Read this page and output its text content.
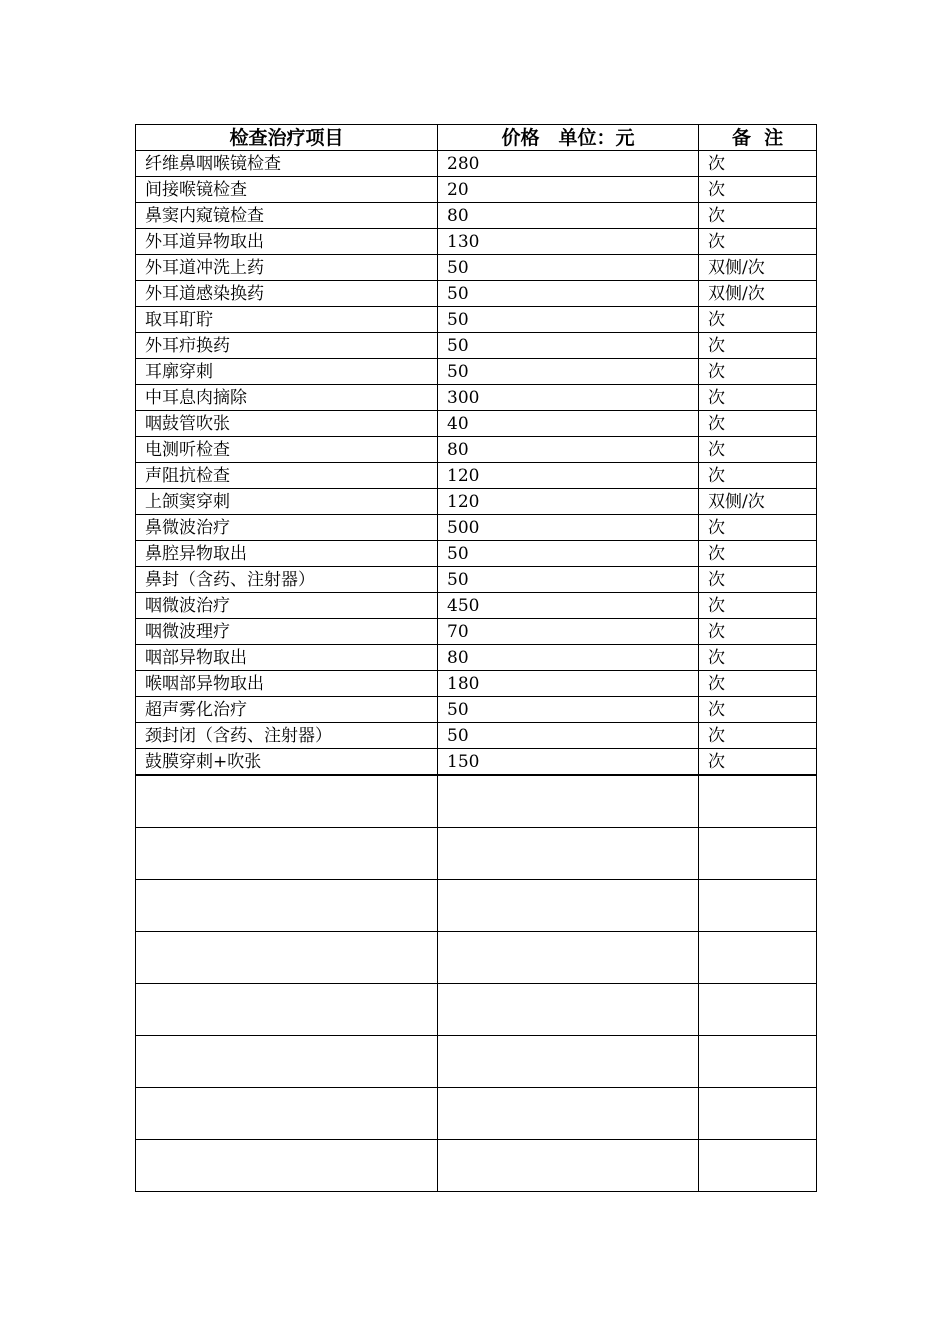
检查治疗项目	价格　单位：元	备  注
纤维鼻咽喉镜检查	280	次
间接喉镜检查	20	次
鼻窦内窥镜检查	80	次
外耳道异物取出	130	次
外耳道冲洗上药	50	双侧/次
外耳道感染换药	50	双侧/次
取耳耵聍	50	次
外耳疖换药	50	次
耳廓穿刺	50	次
中耳息肉摘除	300	次
咽鼓管吹张	40	次
电测听检查	80	次
声阻抗检查	120	次
上颌窦穿刺	120	双侧/次
鼻微波治疗	500	次
鼻腔异物取出	50	次
鼻封（含药、注射器）	50	次
咽微波治疗	450	次
咽微波理疗	70	次
咽部异物取出	80	次
喉咽部异物取出	180	次
超声雾化治疗	50	次
颈封闭（含药、注射器）	50	次
鼓膜穿刺+吹张	150	次
